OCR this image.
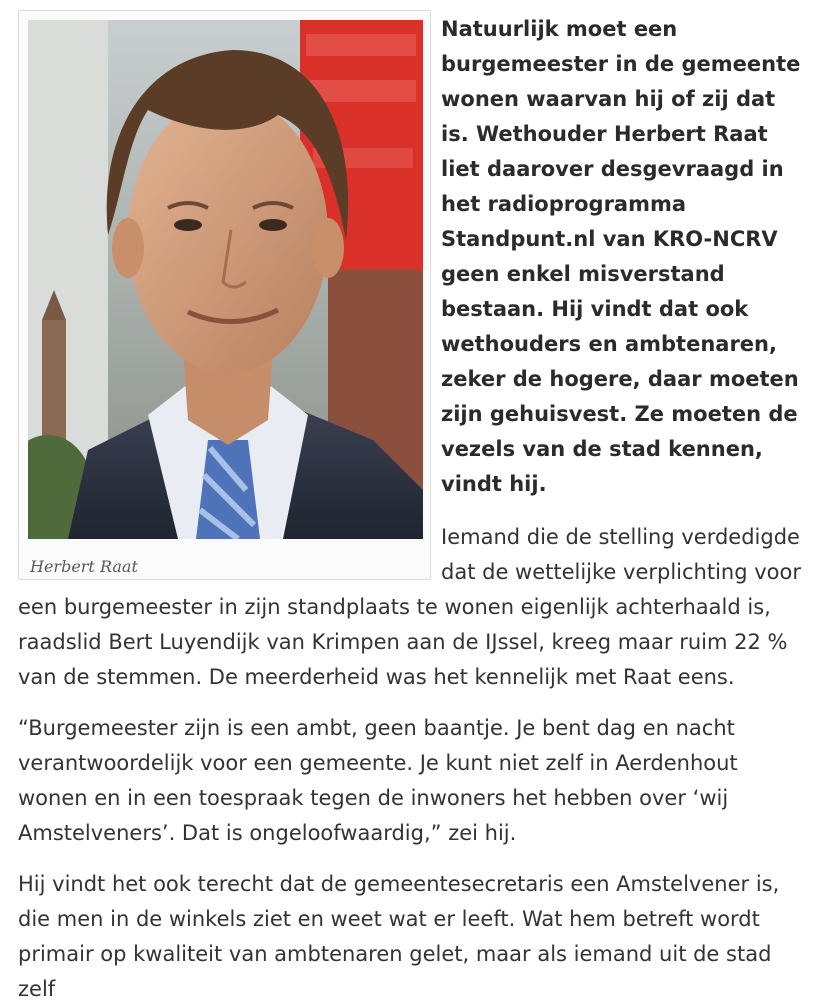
Herbert Raat

Natuurlijk moet een burgemeester in de gemeente wonen waarvan hij of zij dat is. Wethouder Herbert Raat liet daarover desgevraagd in het radioprogramma Standpunt.nl van KRO-NCRV geen enkel misverstand bestaan. Hij vindt dat ook wethouders en ambtenaren, zeker de hogere, daar moeten zijn gehuisvest. Ze moeten de vezels van de stad kennen, vindt hij.

Iemand die de stelling verdedigde dat de wettelijke verplichting voor een burgemeester in zijn standplaats te wonen eigenlijk achterhaald is, raadslid Bert Luyendijk van Krimpen aan de IJssel, kreeg maar ruim 22 % van de stemmen. De meerderheid was het kennelijk met Raat eens.

“Burgemeester zijn is een ambt, geen baantje. Je bent dag en nacht verantwoordelijk voor een gemeente. Je kunt niet zelf in Aerdenhout wonen en in een toespraak tegen de inwoners het hebben over ‘wij Amstelveners’. Dat is ongeloofwaardig,” zei hij.

Hij vindt het ook terecht dat de gemeentesecretaris een Amstelvener is, die men in de winkels ziet en weet wat er leeft. Wat hem betreft wordt primair op kwaliteit van ambtenaren gelet, maar als iemand uit de stad zelf
